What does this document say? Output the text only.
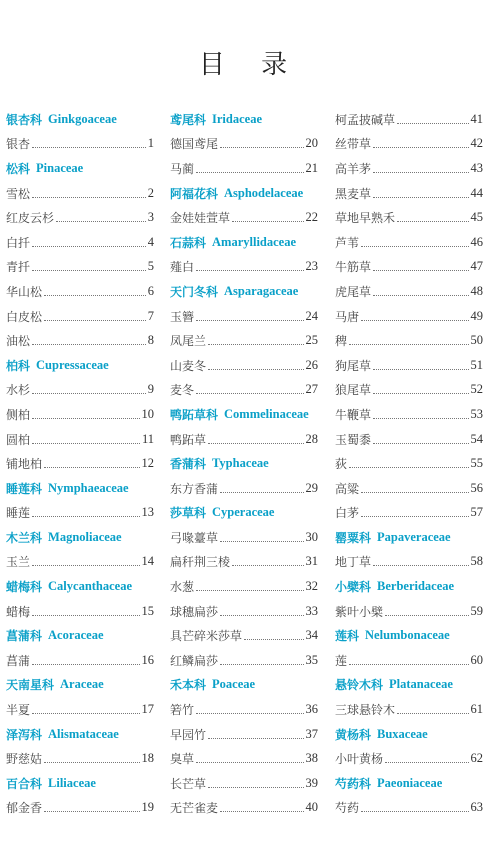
目 录
银杏科 Ginkgoaceae
银杏	1
松科 Pinaceae
雪松	2
红皮云杉	3
白扦	4
青扦	5
华山松	6
白皮松	7
油松	8
柏科 Cupressaceae
水杉	9
侧柏	10
圆柏	11
铺地柏	12
睡莲科 Nymphaeaceae
睡莲	13
木兰科 Magnoliaceae
玉兰	14
蜡梅科 Calycanthaceae
蜡梅	15
菖蒲科 Acoraceae
菖蒲	16
天南星科 Araceae
半夏	17
泽泻科 Alismataceae
野慈姑	18
百合科 Liliaceae
郁金香	19
鸢尾科 Iridaceae
德国鸢尾	20
马蔺	21
阿福花科 Asphodelaceae
金娃娃萱草	22
石蒜科 Amaryllidaceae
薤白	23
天门冬科 Asparagaceae
玉簪	24
凤尾兰	25
山麦冬	26
麦冬	27
鸭跖草科 Commelinaceae
鸭跖草	28
香蒲科 Typhaceae
东方香蒲	29
莎草科 Cyperaceae
弓喙薹草	30
扁秆荆三棱	31
水葱	32
球穗扁莎	33
具芒碎米莎草	34
红鳞扁莎	35
禾本科 Poaceae
箬竹	36
早园竹	37
臭草	38
长芒草	39
无芒雀麦	40
柯孟披碱草	41
丝带草	42
高羊茅	43
黑麦草	44
草地早熟禾	45
芦苇	46
牛筋草	47
虎尾草	48
马唐	49
稗	50
狗尾草	51
狼尾草	52
牛鞭草	53
玉蜀黍	54
荻	55
高粱	56
白茅	57
罂粟科 Papaveraceae
地丁草	58
小檗科 Berberidaceae
紫叶小檗	59
莲科 Nelumbonaceae
莲	60
悬铃木科 Platanaceae
三球悬铃木	61
黄杨科 Buxaceae
小叶黄杨	62
芍药科 Paeoniaceae
芍药	63
